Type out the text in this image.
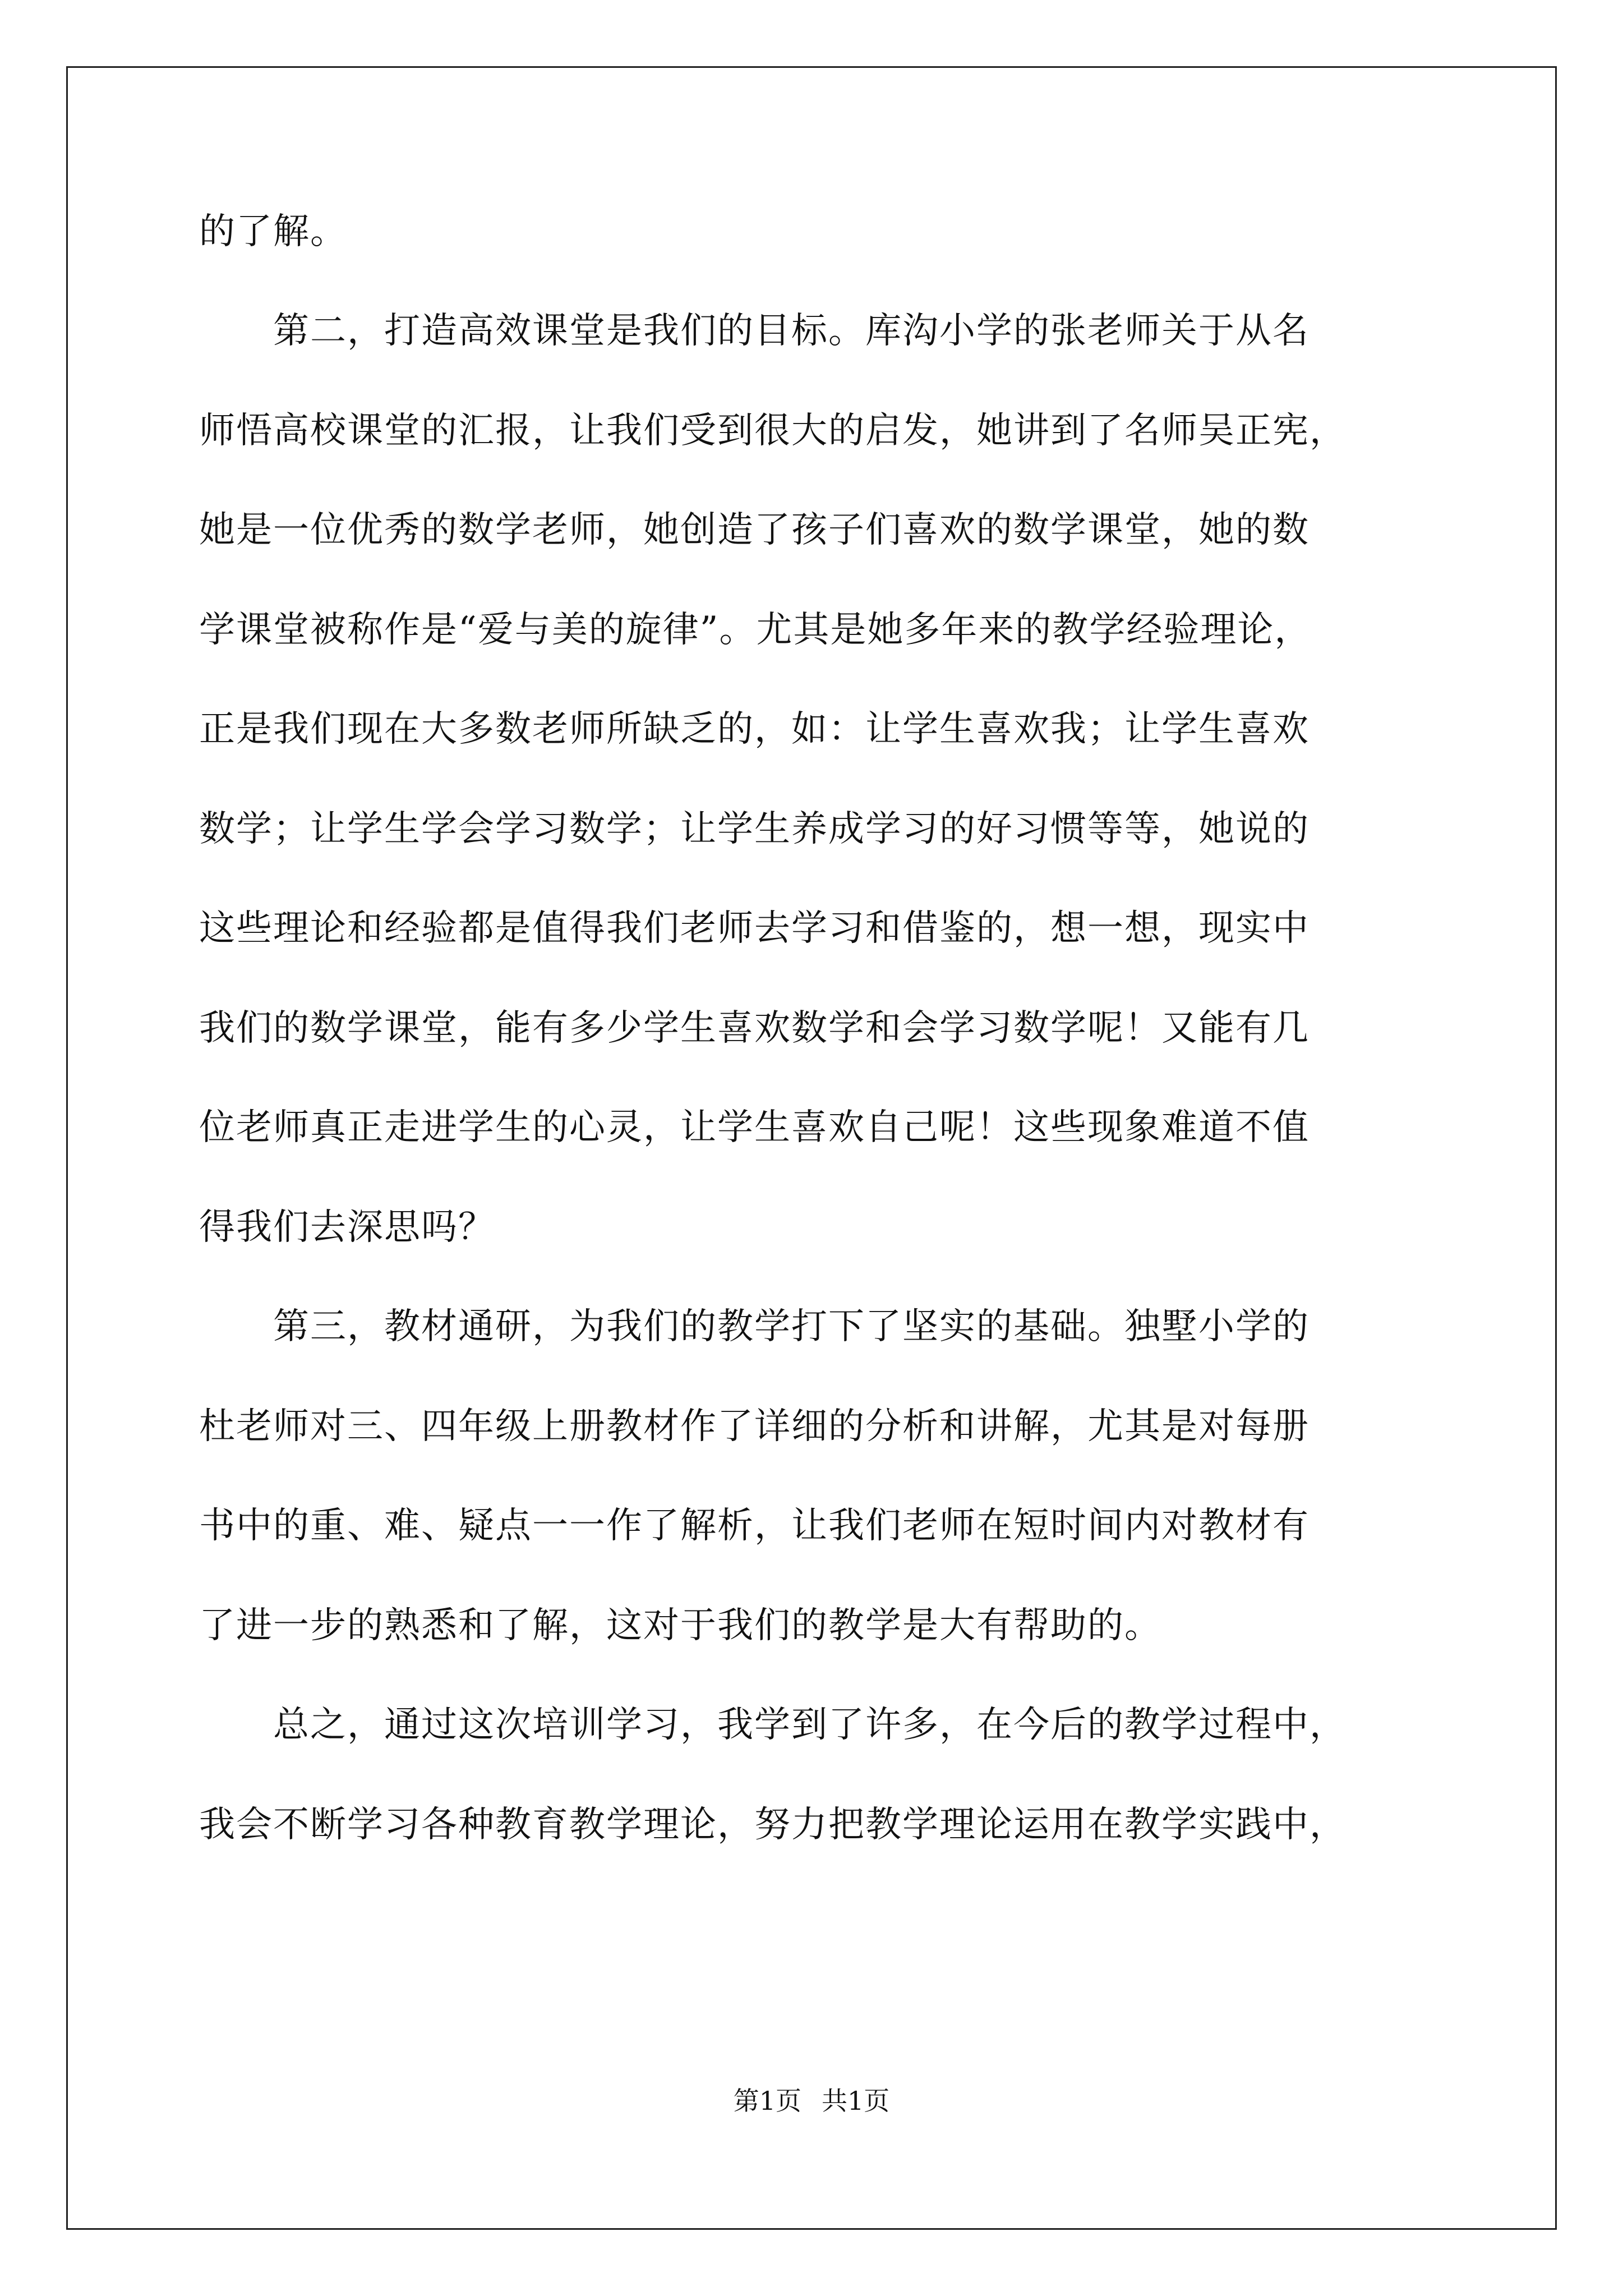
的了解。

　　第二，打造高效课堂是我们的目标。库沟小学的张老师关于从名

师悟高校课堂的汇报，让我们受到很大的启发，她讲到了名师吴正宪，

她是一位优秀的数学老师，她创造了孩子们喜欢的数学课堂，她的数

学课堂被称作是“爱与美的旋律”。尤其是她多年来的教学经验理论，

正是我们现在大多数老师所缺乏的，如：让学生喜欢我；让学生喜欢

数学；让学生学会学习数学；让学生养成学习的好习惯等等，她说的

这些理论和经验都是值得我们老师去学习和借鉴的，想一想，现实中

我们的数学课堂，能有多少学生喜欢数学和会学习数学呢！又能有几

位老师真正走进学生的心灵，让学生喜欢自己呢！这些现象难道不值

得我们去深思吗？

　　第三，教材通研，为我们的教学打下了坚实的基础。独墅小学的

杜老师对三、四年级上册教材作了详细的分析和讲解，尤其是对每册

书中的重、难、疑点一一作了解析，让我们老师在短时间内对教材有

了进一步的熟悉和了解，这对于我们的教学是大有帮助的。

　　总之，通过这次培训学习，我学到了许多，在今后的教学过程中，

我会不断学习各种教育教学理论，努力把教学理论运用在教学实践中，

第1页 共1页
